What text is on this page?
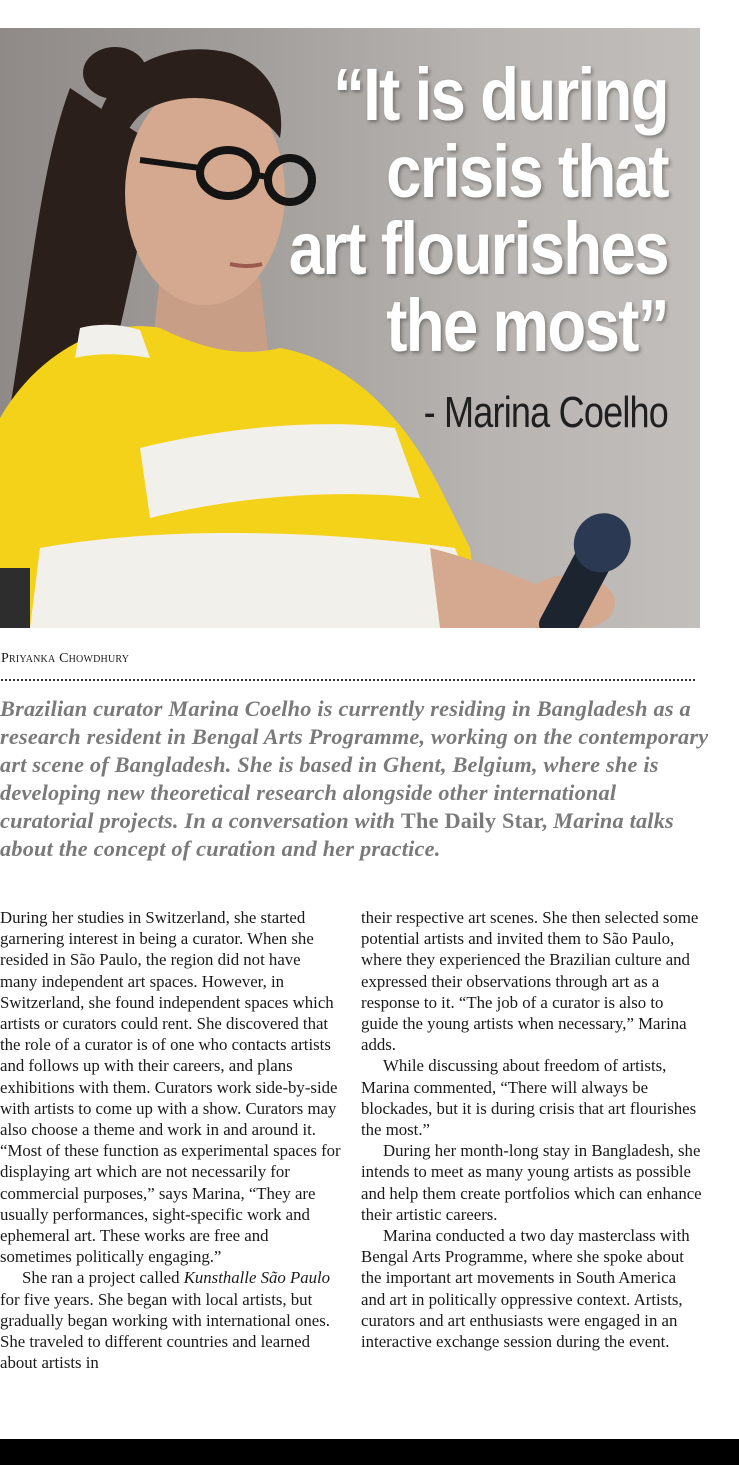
“It is during
crisis that
art flourishes
the most”
- Marina Coelho
Priyanka Chowdhury
Brazilian curator Marina Coelho is currently residing in Bangladesh as a research resident in Bengal Arts Programme, working on the contemporary art scene of Bangladesh. She is based in Ghent, Belgium, where she is developing new theoretical research alongside other international curatorial projects. In a conversation with The Daily Star, Marina talks about the concept of curation and her practice.

During her studies in Switzerland, she started garnering interest in being a curator. When she resided in São Paulo, the region did not have many independent art spaces. However, in Switzerland, she found independent spaces which artists or curators could rent. She discovered that the role of a curator is of one who contacts artists and follows up with their careers, and plans exhibitions with them. Curators work side-by-side with artists to come up with a show. Curators may also choose a theme and work in and around it. “Most of these function as experimental spaces for displaying art which are not necessarily for commercial purposes,” says Marina, “They are usually performances, sight-specific work and ephemeral art. These works are free and sometimes politically engaging.”

She ran a project called Kunsthalle São Paulo for five years. She began with local artists, but gradually began working with international ones. She traveled to different countries and learned about artists in

their respective art scenes. She then selected some potential artists and invited them to São Paulo, where they experienced the Brazilian culture and expressed their observations through art as a response to it. “The job of a curator is also to guide the young artists when necessary,” Marina adds.

While discussing about freedom of artists, Marina commented, “There will always be blockades, but it is during crisis that art flourishes the most.”

During her month-long stay in Bangladesh, she intends to meet as many young artists as possible and help them create portfolios which can enhance their artistic careers.

Marina conducted a two day masterclass with Bengal Arts Programme, where she spoke about the important art movements in South America and art in politically oppressive context. Artists, curators and art enthusiasts were engaged in an interactive exchange session during the event.
